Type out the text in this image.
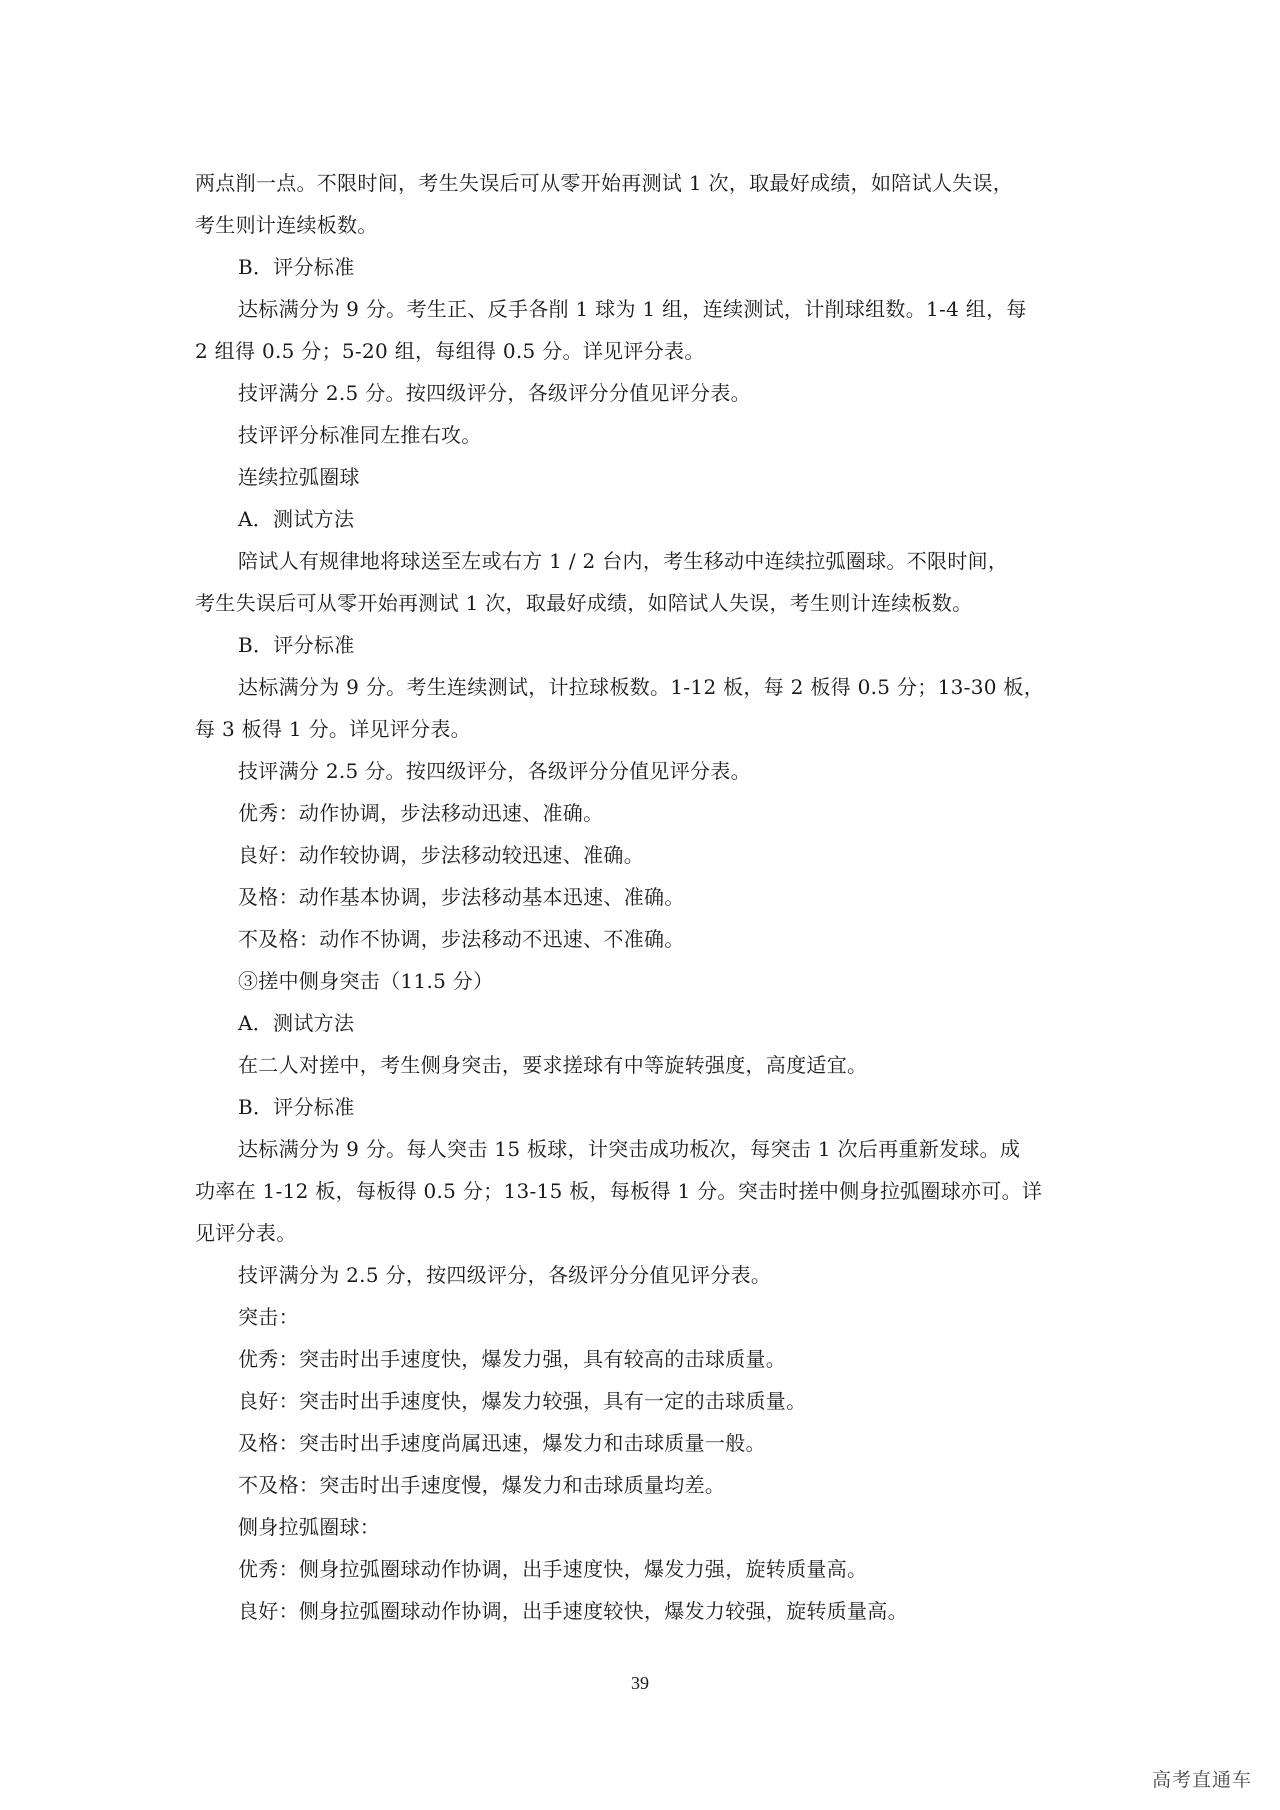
两点削一点。不限时间，考生失误后可从零开始再测试 1 次，取最好成绩，如陪试人失误，
考生则计连续板数。
B．评分标准
达标满分为 9 分。考生正、反手各削 1 球为 1 组，连续测试，计削球组数。1-4 组，每
2 组得 0.5 分；5-20 组，每组得 0.5 分。详见评分表。
技评满分 2.5 分。按四级评分，各级评分分值见评分表。
技评评分标准同左推右攻。
连续拉弧圈球
A．测试方法
陪试人有规律地将球送至左或右方 1 / 2 台内，考生移动中连续拉弧圈球。不限时间，
考生失误后可从零开始再测试 1 次，取最好成绩，如陪试人失误，考生则计连续板数。
B．评分标准
达标满分为 9 分。考生连续测试，计拉球板数。1-12 板，每 2 板得 0.5 分；13-30 板，
每 3 板得 1 分。详见评分表。
技评满分 2.5 分。按四级评分，各级评分分值见评分表。
优秀：动作协调，步法移动迅速、准确。
良好：动作较协调，步法移动较迅速、准确。
及格：动作基本协调，步法移动基本迅速、准确。
不及格：动作不协调，步法移动不迅速、不准确。
③搓中侧身突击（11.5 分）
A．测试方法
在二人对搓中，考生侧身突击，要求搓球有中等旋转强度，高度适宜。
B．评分标准
达标满分为 9 分。每人突击 15 板球，计突击成功板次，每突击 1 次后再重新发球。成
功率在 1-12 板，每板得 0.5 分；13-15 板，每板得 1 分。突击时搓中侧身拉弧圈球亦可。详
见评分表。
技评满分为 2.5 分，按四级评分，各级评分分值见评分表。
突击：
优秀：突击时出手速度快，爆发力强，具有较高的击球质量。
良好：突击时出手速度快，爆发力较强，具有一定的击球质量。
及格：突击时出手速度尚属迅速，爆发力和击球质量一般。
不及格：突击时出手速度慢，爆发力和击球质量均差。
侧身拉弧圈球：
优秀：侧身拉弧圈球动作协调，出手速度快，爆发力强，旋转质量高。
良好：侧身拉弧圈球动作协调，出手速度较快，爆发力较强，旋转质量高。
39
高考直通车
